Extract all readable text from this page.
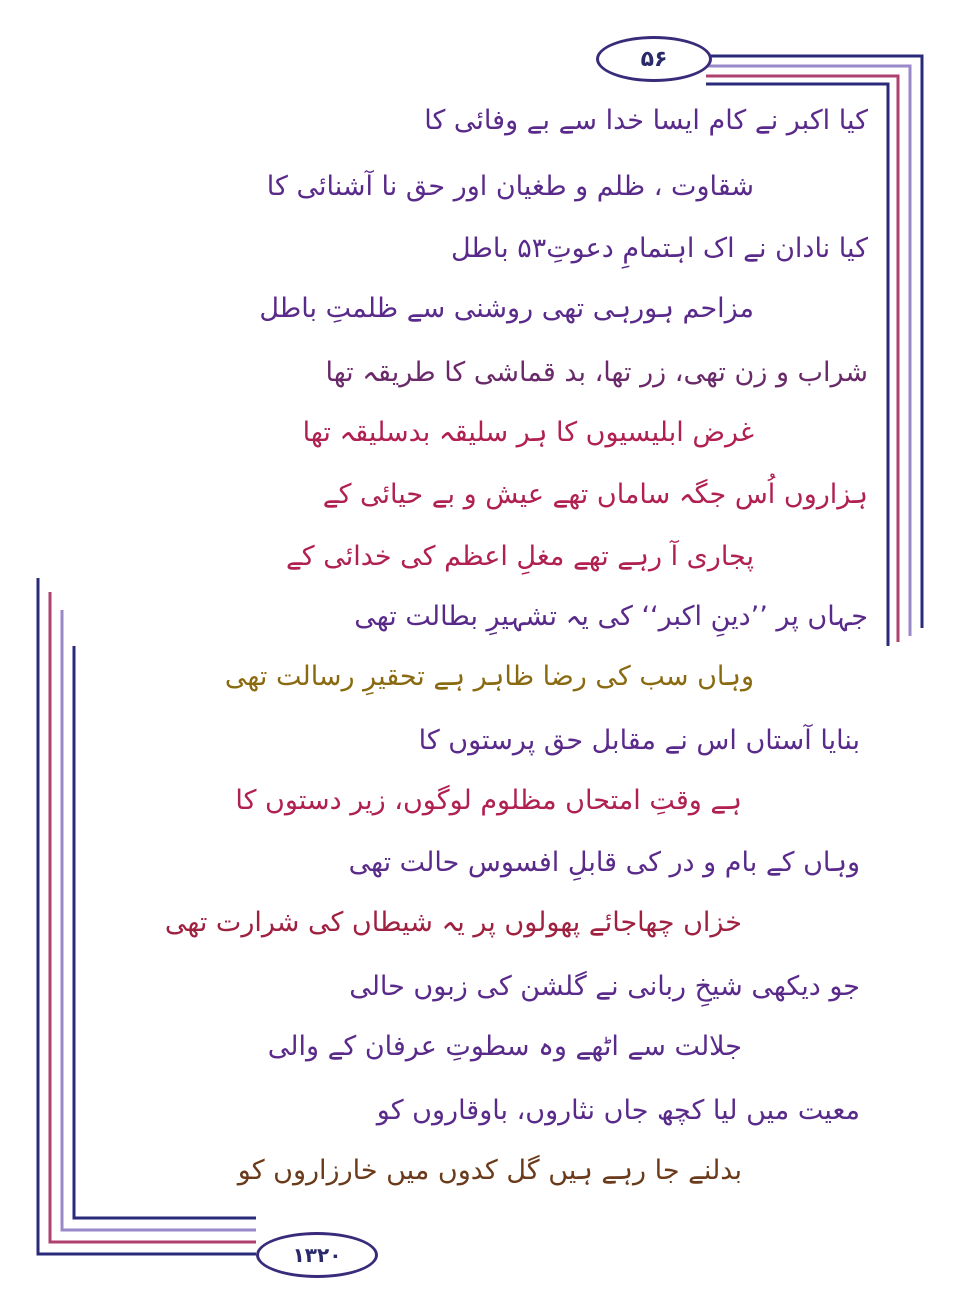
۵۶
۱۳۲۰
کیا اکبر نے کام ایسا خدا سے بے وفائی کا
شقاوت ، ظلم و طغیان اور حق نا آشنائی کا
کیا نادان نے اک اہتمامِ دعوتِ۵۳ باطل
مزاحم ہورہی تھی روشنی سے ظلمتِ باطل
شراب و زن تھی، زر تھا، بد قماشی کا طریقہ تھا
غرض ابلیسیوں کا ہر سلیقہ بدسلیقہ تھا
ہزاروں اُس جگہ ساماں تھے عیش و بے حیائی کے
پجاری آ رہے تھے مغلِ اعظم کی خدائی کے
جہاں پر ’’دینِ اکبر‘‘ کی یہ تشہیرِ بطالت تھی
وہاں سب کی رضا ظاہر ہے تحقیرِ رسالت تھی
بنایا آستاں اس نے مقابل حق پرستوں کا
ہے وقتِ امتحاں مظلوم لوگوں، زیر دستوں کا
وہاں کے بام و در کی قابلِ افسوس حالت تھی
خزاں چھاجائے پھولوں پر یہ شیطاں کی شرارت تھی
جو دیکھی شیخِ ربانی نے گلشن کی زبوں حالی
جلالت سے اٹھے وہ سطوتِ عرفان کے والی
معیت میں لیا کچھ جاں نثاروں، باوقاروں کو
بدلنے جا رہے ہیں گل کدوں میں خارزاروں کو
